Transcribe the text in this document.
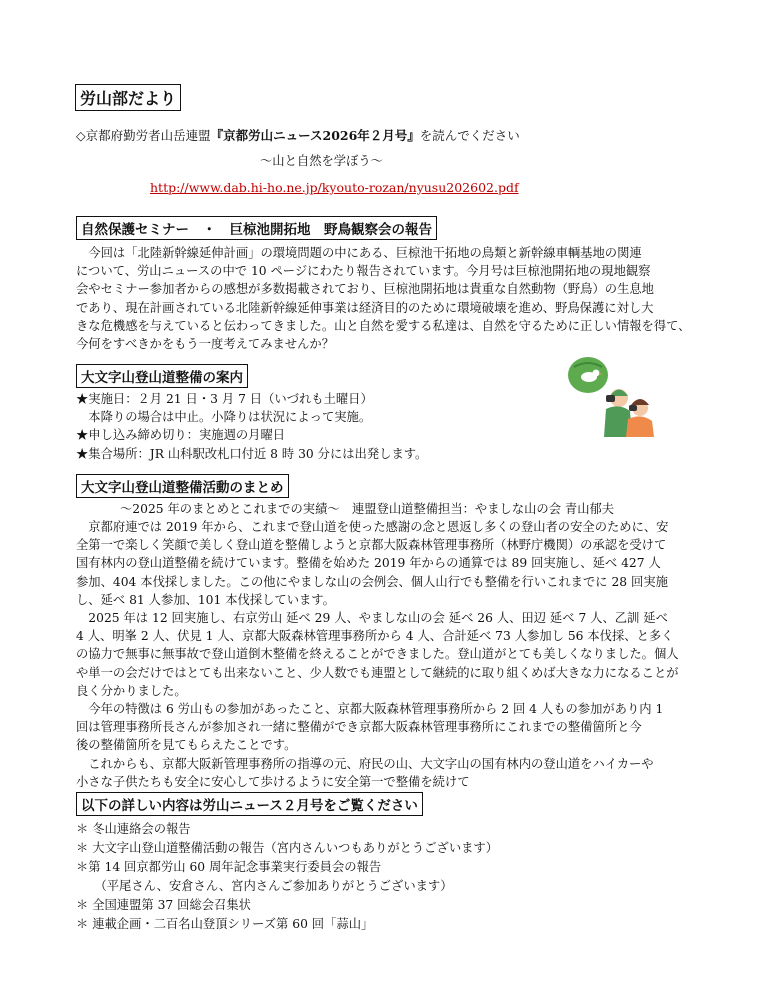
労山部だより
◇京都府勤労者山岳連盟『京都労山ニュース2026年２月号』を読んでください
～山と自然を学ぼう～
http://www.dab.hi-ho.ne.jp/kyouto-rozan/nyusu202602.pdf
自然保護セミナー　・　巨椋池開拓地　野鳥観察会の報告
　今回は「北陸新幹線延伸計画」の環境問題の中にある、巨椋池干拓地の鳥類と新幹線車輌基地の関連
について、労山ニュースの中で 10 ページにわたり報告されています。今月号は巨椋池開拓地の現地観察
会やセミナー参加者からの感想が多数掲載されており、巨椋池開拓地は貴重な自然動物（野鳥）の生息地
であり、現在計画されている北陸新幹線延伸事業は経済目的のために環境破壊を進め、野鳥保護に対し大
きな危機感を与えていると伝わってきました。山と自然を愛する私達は、自然を守るために正しい情報を得て、
今何をすべきかをもう一度考えてみませんか？
大文字山登山道整備の案内
★実施日：２月 21 日・3 月 7 日（いづれも土曜日）
　本降りの場合は中止。小降りは状況によって実施。
★申し込み締め切り：実施週の月曜日
★集合場所：JR 山科駅改札口付近 8 時 30 分には出発します。
大文字山登山道整備活動のまとめ
～2025 年のまとめとこれまでの実績～　連盟登山道整備担当：やましな山の会 青山郁夫
　京都府連では 2019 年から、これまで登山道を使った感謝の念と恩返し多くの登山者の安全のために、安
全第一で楽しく笑顔で美しく登山道を整備しようと京都大阪森林管理事務所（林野庁機関）の承認を受けて
国有林内の登山道整備を続けています。整備を始めた 2019 年からの通算では 89 回実施し、延べ 427 人
参加、404 本伐採しました。この他にやましな山の会例会、個人山行でも整備を行いこれまでに 28 回実施
し、延べ 81 人参加、101 本伐採しています。
　2025 年は 12 回実施し、右京労山 延べ 29 人、やましな山の会 延べ 26 人、田辺 延べ 7 人、乙訓 延べ
4 人、明峯 2 人、伏見 1 人、京都大阪森林管理事務所から 4 人、合計延べ 73 人参加し 56 本伐採、と多く
の協力で無事に無事故で登山道倒木整備を終えることができました。登山道がとても美しくなりました。個人
や単一の会だけではとても出来ないこと、少人数でも連盟として継続的に取り組くめば大きな力になることが
良く分かりました。
　今年の特徴は 6 労山もの参加があったこと、京都大阪森林管理事務所から 2 回 4 人もの参加があり内 1
回は管理事務所長さんが参加され一緒に整備ができ京都大阪森林管理事務所にこれまでの整備箇所と今
後の整備箇所を見てもらえたことです。
　これからも、京都大阪新管理事務所の指導の元、府民の山、大文字山の国有林内の登山道をハイカーや
小さな子供たちも安全に安心して歩けるように安全第一で整備を続けて
以下の詳しい内容は労山ニュース２月号をご覧ください
＊ 冬山連絡会の報告
＊ 大文字山登山道整備活動の報告（宮内さんいつもありがとうございます）
＊第 14 回京都労山 60 周年記念事業実行委員会の報告
　　（平尾さん、安倉さん、宮内さんご参加ありがとうございます）
＊ 全国連盟第 37 回総会召集状
＊ 連載企画・二百名山登頂シリーズ第 60 回「蒜山」
